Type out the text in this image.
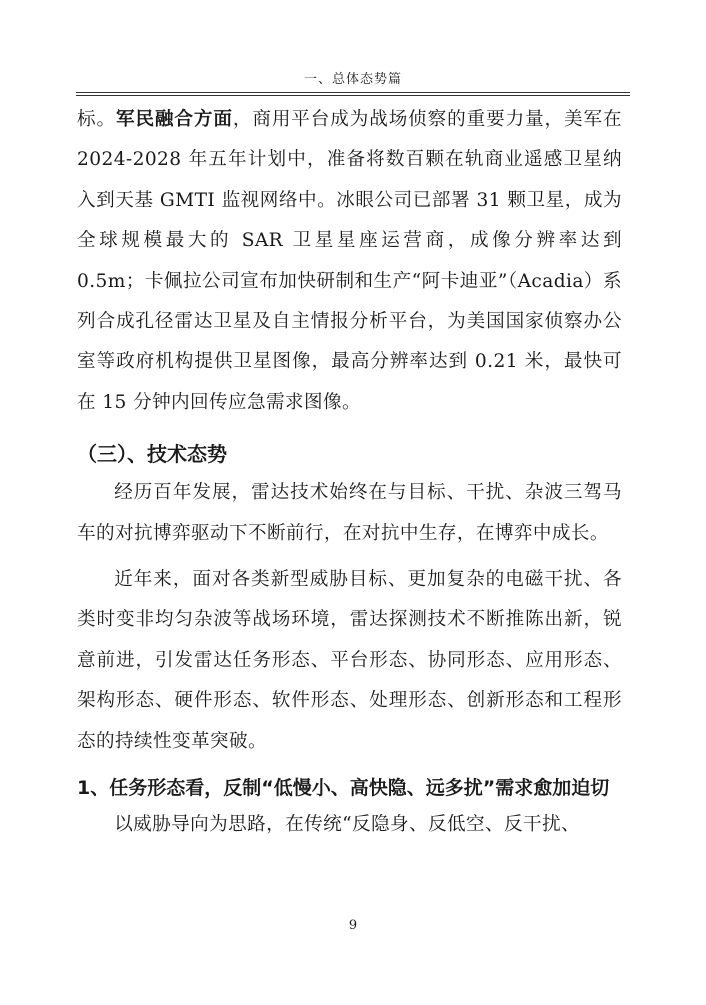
一、总体态势篇

标。军民融合方面，商用平台成为战场侦察的重要力量，美军在 2024-2028 年五年计划中，准备将数百颗在轨商业遥感卫星纳入到天基 GMTI 监视网络中。冰眼公司已部署 31 颗卫星，成为全球规模最大的 SAR 卫星星座运营商，成像分辨率达到 0.5m；卡佩拉公司宣布加快研制和生产“阿卡迪亚”（Acadia）系列合成孔径雷达卫星及自主情报分析平台，为美国国家侦察办公室等政府机构提供卫星图像，最高分辨率达到 0.21 米，最快可在 15 分钟内回传应急需求图像。

（三）、技术态势

经历百年发展，雷达技术始终在与目标、干扰、杂波三驾马车的对抗博弈驱动下不断前行，在对抗中生存，在博弈中成长。

近年来，面对各类新型威胁目标、更加复杂的电磁干扰、各类时变非均匀杂波等战场环境，雷达探测技术不断推陈出新，锐意前进，引发雷达任务形态、平台形态、协同形态、应用形态、架构形态、硬件形态、软件形态、处理形态、创新形态和工程形态的持续性变革突破。

1、任务形态看，反制“低慢小、高快隐、远多扰”需求愈加迫切

以威胁导向为思路，在传统“反隐身、反低空、反干扰、

9
